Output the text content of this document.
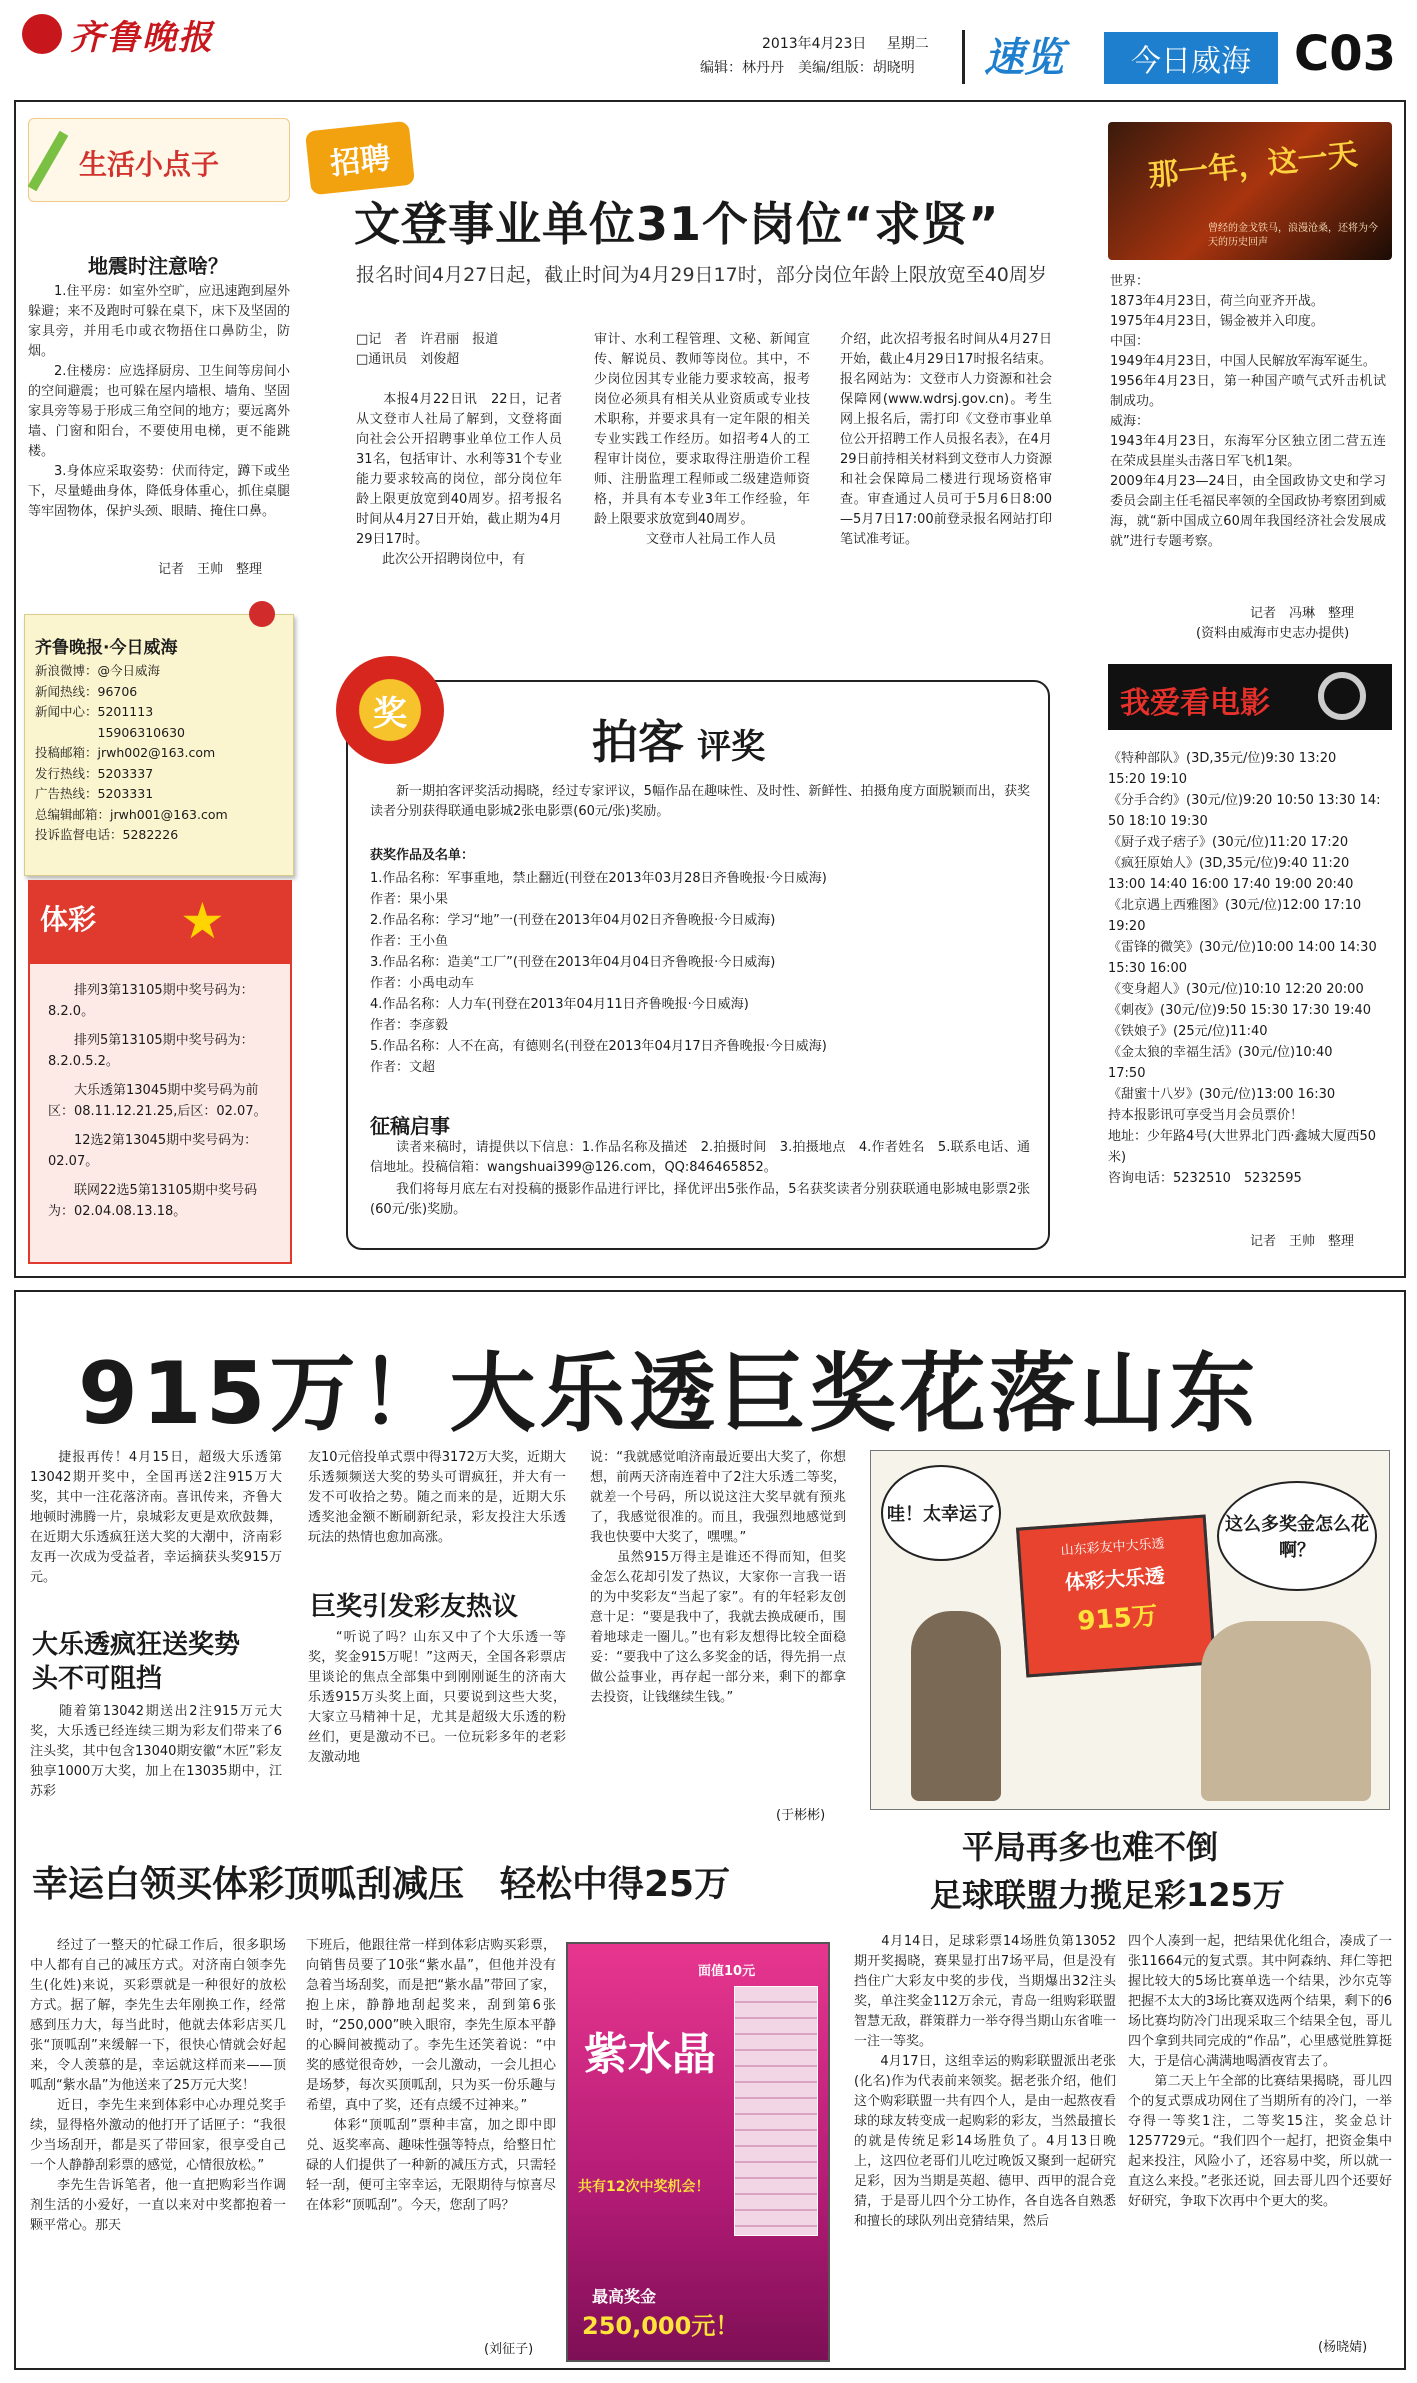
齐鲁晚报	2013年4月23日 星期二
编辑：林丹丹　美编/组版：胡晓明 速览	今日威海 C03
生活小点子
地震时注意啥？

1.住平房：如室外空旷，应迅速跑到屋外躲避；来不及跑时可躲在桌下，床下及坚固的家具旁，并用毛巾或衣物捂住口鼻防尘，防烟。

2.住楼房：应选择厨房、卫生间等房间小的空间避震；也可躲在屋内墙根、墙角、坚固家具旁等易于形成三角空间的地方；要远离外墙、门窗和阳台，不要使用电梯，更不能跳楼。

3.身体应采取姿势：伏而待定，蹲下或坐下，尽量蜷曲身体，降低身体重心，抓住桌腿等牢固物体，保护头颈、眼睛、掩住口鼻。

记者　王帅　整理
齐鲁晚报·今日威海
新浪微博：@今日威海
新闻热线：96706
新闻中心：5201113
　　　　　15906310630
投稿邮箱：jrwh002@163.com
发行热线：5203337
广告热线：5203331
总编辑邮箱：jrwh001@163.com
投诉监督电话：5282226
体彩 ★

排列3第13105期中奖号码为：8.2.0。

排列5第13105期中奖号码为：8.2.0.5.2。

大乐透第13045期中奖号码为前区：08.11.12.21.25,后区：02.07。

12选2第13045期中奖号码为：02.07。

联网22选5第13105期中奖号码为：02.04.08.13.18。

招聘
文登事业单位31个岗位“求贤”
报名时间4月27日起，截止时间为4月29日17时，部分岗位年龄上限放宽至40周岁
□记　者　许君丽　报道
□通讯员　刘俊超
　　本报4月22日讯　22日，记者从文登市人社局了解到，文登将面向社会公开招聘事业单位工作人员31名，包括审计、水利等31个专业能力要求较高的岗位，部分岗位年龄上限更放宽到40周岁。招考报名时间从4月27日开始，截止期为4月29日17时。
　　此次公开招聘岗位中，有
审计、水利工程管理、文秘、新闻宣传、解说员、教师等岗位。其中，不少岗位因其专业能力要求较高，报考岗位必须具有相关从业资质或专业技术职称，并要求具有一定年限的相关专业实践工作经历。如招考4人的工程审计岗位，要求取得注册造价工程师、注册监理工程师或二级建造师资格，并具有本专业3年工作经验，年龄上限要求放宽到40周岁。
　　　　文登市人社局工作人员
介绍，此次招考报名时间从4月27日开始，截止4月29日17时报名结束。报名网站为：文登市人力资源和社会保障网(www.wdrsj.gov.cn)。考生网上报名后，需打印《文登市事业单位公开招聘工作人员报名表》，在4月29日前持相关材料到文登市人力资源和社会保障局二楼进行现场资格审查。审查通过人员可于5月6日8:00—5月7日17:00前登录报名网站打印笔试准考证。
奖
拍客 评奖
新一期拍客评奖活动揭晓，经过专家评议，5幅作品在趣味性、及时性、新鲜性、拍摄角度方面脱颖而出，获奖读者分别获得联通电影城2张电影票(60元/张)奖励。
获奖作品及名单：
1.作品名称：军事重地，禁止翻近(刊登在2013年03月28日齐鲁晚报·今日威海)
作者：果小果
2.作品名称：学习“地”一(刊登在2013年04月02日齐鲁晚报·今日威海)
作者：王小鱼
3.作品名称：造美“工厂”(刊登在2013年04月04日齐鲁晚报·今日威海)
作者：小禹电动车
4.作品名称：人力车(刊登在2013年04月11日齐鲁晚报·今日威海)
作者：李彦毅
5.作品名称：人不在高，有德则名(刊登在2013年04月17日齐鲁晚报·今日威海)
作者：文超
征稿启事
读者来稿时，请提供以下信息：1.作品名称及描述　2.拍摄时间　3.拍摄地点　4.作者姓名　5.联系电话、通信地址。投稿信箱：wangshuai399@126.com，QQ:846465852。
我们将每月底左右对投稿的摄影作品进行评比，择优评出5张作品，5名获奖读者分别获联通电影城电影票2张(60元/张)奖励。
那一年，这一天
曾经的金戈铁马，浪漫沧桑，还将为今天的历史回声
世界：
1873年4月23日，荷兰向亚齐开战。
1975年4月23日，锡金被并入印度。
中国：
1949年4月23日，中国人民解放军海军诞生。
1956年4月23日，第一种国产喷气式歼击机试制成功。
威海：
1943年4月23日，东海军分区独立团二营五连在荣成县崖头击落日军飞机1架。
2009年4月23—24日，由全国政协文史和学习委员会副主任毛福民率领的全国政协考察团到威海，就“新中国成立60周年我国经济社会发展成就”进行专题考察。
记者　冯琳　整理
(资料由威海市史志办提供)
我爱看电影
《特种部队》(3D,35元/位)9:30 13:20
15:20 19:10
《分手合约》(30元/位)9:20 10:50 13:30 14:
50 18:10 19:30
《厨子戏子痞子》(30元/位)11:20 17:20
《疯狂原始人》(3D,35元/位)9:40 11:20
13:00 14:40 16:00 17:40 19:00 20:40
《北京遇上西雅图》(30元/位)12:00 17:10
19:20
《雷锋的微笑》(30元/位)10:00 14:00 14:30
15:30 16:00
《变身超人》(30元/位)10:10 12:20 20:00
《刺夜》(30元/位)9:50 15:30 17:30 19:40
《铁娘子》(25元/位)11:40
《金太狼的幸福生活》(30元/位)10:40
17:50
《甜蜜十八岁》(30元/位)13:00 16:30
持本报影讯可享受当月会员票价！
地址：少年路4号(大世界北门西·鑫城大厦西50米)
咨询电话：5232510　5232595
记者　王帅　整理
915万！大乐透巨奖花落山东
　　捷报再传！4月15日，超级大乐透第13042期开奖中，全国再送2注915万大奖，其中一注花落济南。喜讯传来，齐鲁大地顿时沸腾一片，泉城彩友更是欢欣鼓舞，在近期大乐透疯狂送大奖的大潮中，济南彩友再一次成为受益者，幸运摘获头奖915万元。
大乐透疯狂送奖势头不可阻挡
　　随着第13042期送出2注915万元大奖，大乐透已经连续三期为彩友们带来了6注头奖，其中包含13040期安徽“木匠”彩友独享1000万大奖，加上在13035期中，江苏彩
友10元倍投单式票中得3172万大奖，近期大乐透频频送大奖的势头可谓疯狂，并大有一发不可收拾之势。随之而来的是，近期大乐透奖池金额不断刷新纪录，彩友投注大乐透玩法的热情也愈加高涨。
巨奖引发彩友热议
　　“听说了吗？山东又中了个大乐透一等奖，奖金915万呢！”这两天，全国各彩票店里谈论的焦点全部集中到刚刚诞生的济南大乐透915万头奖上面，只要说到这些大奖，大家立马精神十足，尤其是超级大乐透的粉丝们，更是激动不已。一位玩彩多年的老彩友激动地
说：“我就感觉咱济南最近要出大奖了，你想想，前两天济南连着中了2注大乐透二等奖，就差一个号码，所以说这注大奖早就有预兆了，我感觉很准的。而且，我强烈地感觉到我也快要中大奖了，嘿嘿。”
　　虽然915万得主是谁还不得而知，但奖金怎么花却引发了热议，大家你一言我一语的为中奖彩友“当起了家”。有的年轻彩友创意十足：“要是我中了，我就去换成硬币，围着地球走一圈儿。”也有彩友想得比较全面稳妥：“要我中了这么多奖金的话，得先捐一点做公益事业，再存起一部分来，剩下的都拿去投资，让钱继续生钱。”
(于彬彬)
哇！太幸运了	这么多奖金怎么花啊？
山东彩友中大乐透
体彩大乐透
915万
幸运白领买体彩顶呱刮减压　轻松中得25万
　　经过了一整天的忙碌工作后，很多职场中人都有自己的减压方式。对济南白领李先生(化姓)来说，买彩票就是一种很好的放松方式。据了解，李先生去年刚换工作，经常感到压力大，每当此时，他就去体彩店买几张“顶呱刮”来缓解一下，很快心情就会好起来，令人羡慕的是，幸运就这样而来——顶呱刮“紫水晶”为他送来了25万元大奖！
　　近日，李先生来到体彩中心办理兑奖手续，显得格外激动的他打开了话匣子：“我很少当场刮开，都是买了带回家，很享受自己一个人静静刮彩票的感觉，心情很放松。”
　　李先生告诉笔者，他一直把购彩当作调剂生活的小爱好，一直以来对中奖都抱着一颗平常心。那天
下班后，他跟往常一样到体彩店购买彩票，向销售员要了10张“紫水晶”，但他并没有急着当场刮奖，而是把“紫水晶”带回了家，抱上床，静静地刮起奖来，刮到第6张时，“250,000”映入眼帘，李先生原本平静的心瞬间被揽动了。李先生还笑着说：“中奖的感觉很奇妙，一会儿激动，一会儿担心是场梦，每次买顶呱刮，只为买一份乐趣与希望，真中了奖，还有点缓不过神来。”
　　体彩“顶呱刮”票种丰富，加之即中即兑、返奖率高、趣味性强等特点，给整日忙碌的人们提供了一种新的减压方式，只需轻轻一刮，便可主宰幸运，无限期待与惊喜尽在体彩“顶呱刮”。今天，您刮了吗？
(刘征子)
面值10元
紫水晶
共有12次中奖机会！
最高奖金
250,000元！
平局再多也难不倒
足球联盟力揽足彩125万
　　4月14日，足球彩票14场胜负第13052期开奖揭晓，赛果显打出7场平局，但是没有挡住广大彩友中奖的步伐，当期爆出32注头奖，单注奖金112万余元，青岛一组购彩联盟智慧无敌，群策群力一举夺得当期山东省唯一一注一等奖。
　　4月17日，这组幸运的购彩联盟派出老张(化名)作为代表前来领奖。据老张介绍，他们这个购彩联盟一共有四个人，是由一起熬夜看球的球友转变成一起购彩的彩友，当然最擅长的就是传统足彩14场胜负了。4月13日晚上，这四位老哥们儿吃过晚饭又聚到一起研究足彩，因为当期是英超、德甲、西甲的混合竞猜，于是哥儿四个分工协作，各自选各自熟悉和擅长的球队列出竞猜结果，然后
四个人凑到一起，把结果优化组合，凑成了一张11664元的复式票。其中阿森纳、拜仁等把握比较大的5场比赛单选一个结果，沙尔克等把握不太大的3场比赛双选两个结果，剩下的6场比赛均防冷门出现采取三个结果全包，哥儿四个拿到共同完成的“作品”，心里感觉胜算挺大，于是信心满满地喝酒夜宵去了。
　　第二天上午全部的比赛结果揭晓，哥儿四个的复式票成功网住了当期所有的冷门，一举夺得一等奖1注，二等奖15注，奖金总计1257729元。“我们四个一起打，把资金集中起来投注，风险小了，还容易中奖，所以就一直这么来投。”老张还说，回去哥儿四个还要好好研究，争取下次再中个更大的奖。
(杨晓婧)
